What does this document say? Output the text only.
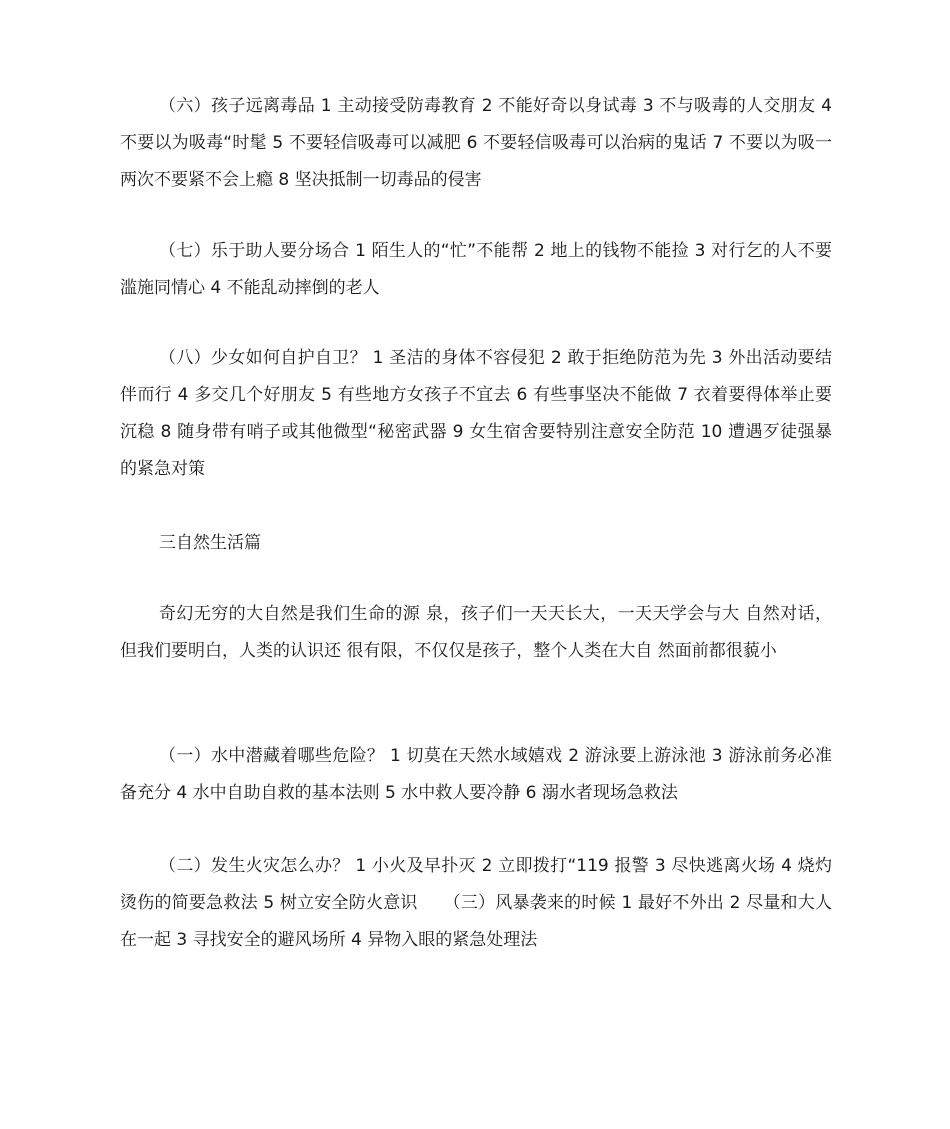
（六）孩子远离毒品 1 主动接受防毒教育 2 不能好奇以身试毒 3 不与吸毒的人交朋友 4 不要以为吸毒“时髦 5 不要轻信吸毒可以减肥 6 不要轻信吸毒可以治病的鬼话 7 不要以为吸一两次不要紧不会上瘾 8 坚决抵制一切毒品的侵害
（七）乐于助人要分场合 1 陌生人的“忙”不能帮 2 地上的钱物不能捡 3 对行乞的人不要滥施同情心 4 不能乱动摔倒的老人
（八）少女如何自护自卫？ 1 圣洁的身体不容侵犯 2 敢于拒绝防范为先 3 外出活动要结伴而行 4 多交几个好朋友 5 有些地方女孩子不宜去 6 有些事坚决不能做 7 衣着要得体举止要沉稳 8 随身带有哨子或其他微型“秘密武器 9 女生宿舍要特别注意安全防范 10 遭遇歹徒强暴的紧急对策
三自然生活篇
奇幻无穷的大自然是我们生命的源 泉，孩子们一天天长大，一天天学会与大 自然对话，但我们要明白，人类的认识还 很有限，不仅仅是孩子，整个人类在大自 然面前都很藐小
（一）水中潜藏着哪些危险？ 1 切莫在天然水域嬉戏 2 游泳要上游泳池 3 游泳前务必准备充分 4 水中自助自救的基本法则 5 水中救人要冷静 6 溺水者现场急救法
（二）发生火灾怎么办？ 1 小火及早扑灭 2 立即拨打“119 报警 3 尽快逃离火场 4 烧灼烫伤的简要急救法 5 树立安全防火意识　　（三）风暴袭来的时候 1 最好不外出 2 尽量和大人在一起 3 寻找安全的避风场所 4 异物入眼的紧急处理法
